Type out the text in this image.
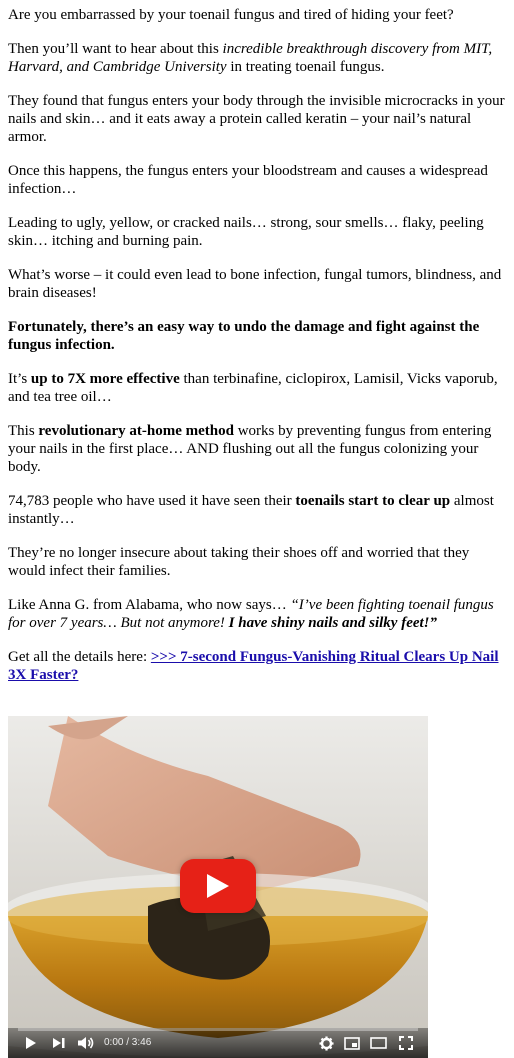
Are you embarrassed by your toenail fungus and tired of hiding your feet?

Then you’ll want to hear about this incredible breakthrough discovery from MIT, Harvard, and Cambridge University in treating toenail fungus.

They found that fungus enters your body through the invisible microcracks in your nails and skin… and it eats away a protein called keratin – your nail’s natural armor.

Once this happens, the fungus enters your bloodstream and causes a widespread infection…

Leading to ugly, yellow, or cracked nails… strong, sour smells… flaky, peeling skin… itching and burning pain.

What’s worse – it could even lead to bone infection, fungal tumors, blindness, and brain diseases!

Fortunately, there’s an easy way to undo the damage and fight against the fungus infection.

It’s up to 7X more effective than terbinafine, ciclopirox, Lamisil, Vicks vaporub, and tea tree oil…

This revolutionary at-home method works by preventing fungus from entering your nails in the first place… AND flushing out all the fungus colonizing your body.

74,783 people who have used it have seen their toenails start to clear up almost instantly…

They’re no longer insecure about taking their shoes off and worried that they would infect their families.

Like Anna G. from Alabama, who now says… “I’ve been fighting toenail fungus for over 7 years… But not anymore! I have shiny nails and silky feet!”

Get all the details here: >>> 7-second Fungus-Vanishing Ritual Clears Up Nail 3X Faster?

0:00 / 3:46
